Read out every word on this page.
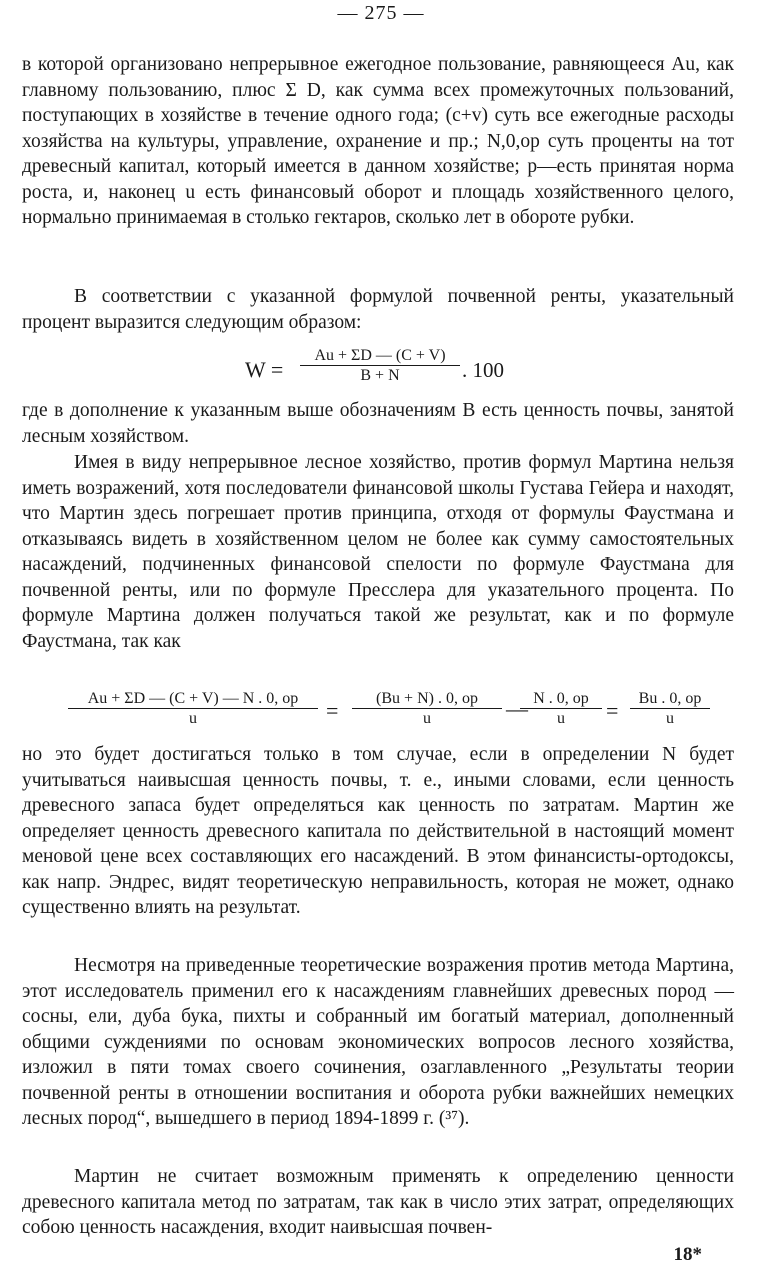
— 275 —

в которой организовано непрерывное ежегодное пользование, равняющееся Au, как главному пользованию, плюс Σ D, как сумма всех промежуточных пользований, поступающих в хозяйстве в течение одного года; (c+v) суть все ежегодные расходы хозяйства на культуры, управление, охранение и пр.; N,0,op суть проценты на тот древесный капитал, который имеется в данном хозяйстве; p—есть принятая норма роста, и, наконец u есть финансовый оборот и площадь хозяйственного целого, нормально принимаемая в столько гектаров, сколько лет в обороте рубки.

В соответствии с указанной формулой почвенной ренты, указательный процент выразится следующим образом:

$W = \frac{Au + \Sigma D — (C + V)}{B + N}$ . 100

где в дополнение к указанным выше обозначениям B есть ценность почвы, занятой лесным хозяйством.

Имея в виду непрерывное лесное хозяйство, против формул Мартина нельзя иметь возражений, хотя последователи финансовой школы Густава Гейера и находят, что Мартин здесь погрешает против принципа, отходя от формулы Фаустмана и отказываясь видеть в хозяйственном целом не более как сумму самостоятельных насаждений, подчиненных финансовой спелости по формуле Фаустмана для почвенной ренты, или по формуле Пресслера для указательного процента. По формуле Мартина должен получаться такой же результат, как и по формуле Фаустмана, так как

$\frac{Au + \Sigma D — (C + V) — N . 0, op}{u} = \frac{(Bu + N) . 0, op}{u}$ —
$\frac{N . 0, op}{u} = \frac{Bu . 0, op}{u}$

но это будет достигаться только в том случае, если в определении N будет учитываться наивысшая ценность почвы, т. е., иными словами, если ценность древесного запаса будет определяться как ценность по затратам. Мартин же определяет ценность древесного капитала по действительной в настоящий момент меновой цене всех составляющих его насаждений. В этом финансисты-ортодоксы, как напр. Эндрес, видят теоретическую неправильность, которая не может, однако существенно влиять на результат.

Несмотря на приведенные теоретические возражения против метода Мартина, этот исследователь применил его к насаждениям главнейших древесных пород — сосны, ели, дуба бука, пихты и собранный им богатый материал, дополненный общими суждениями по основам экономических вопросов лесного хозяйства, изложил в пяти томах своего сочинения, озаглавленного „Результаты теории почвенной ренты в отношении воспитания и оборота рубки важнейших немецких лесных пород“, вышедшего в период 1894-1899 г. (³⁷).

Мартин не считает возможным применять к определению ценности древесного капитала метод по затратам, так как в число этих затрат, определяющих собою ценность насаждения, входит наивысшая почвен-

18*
